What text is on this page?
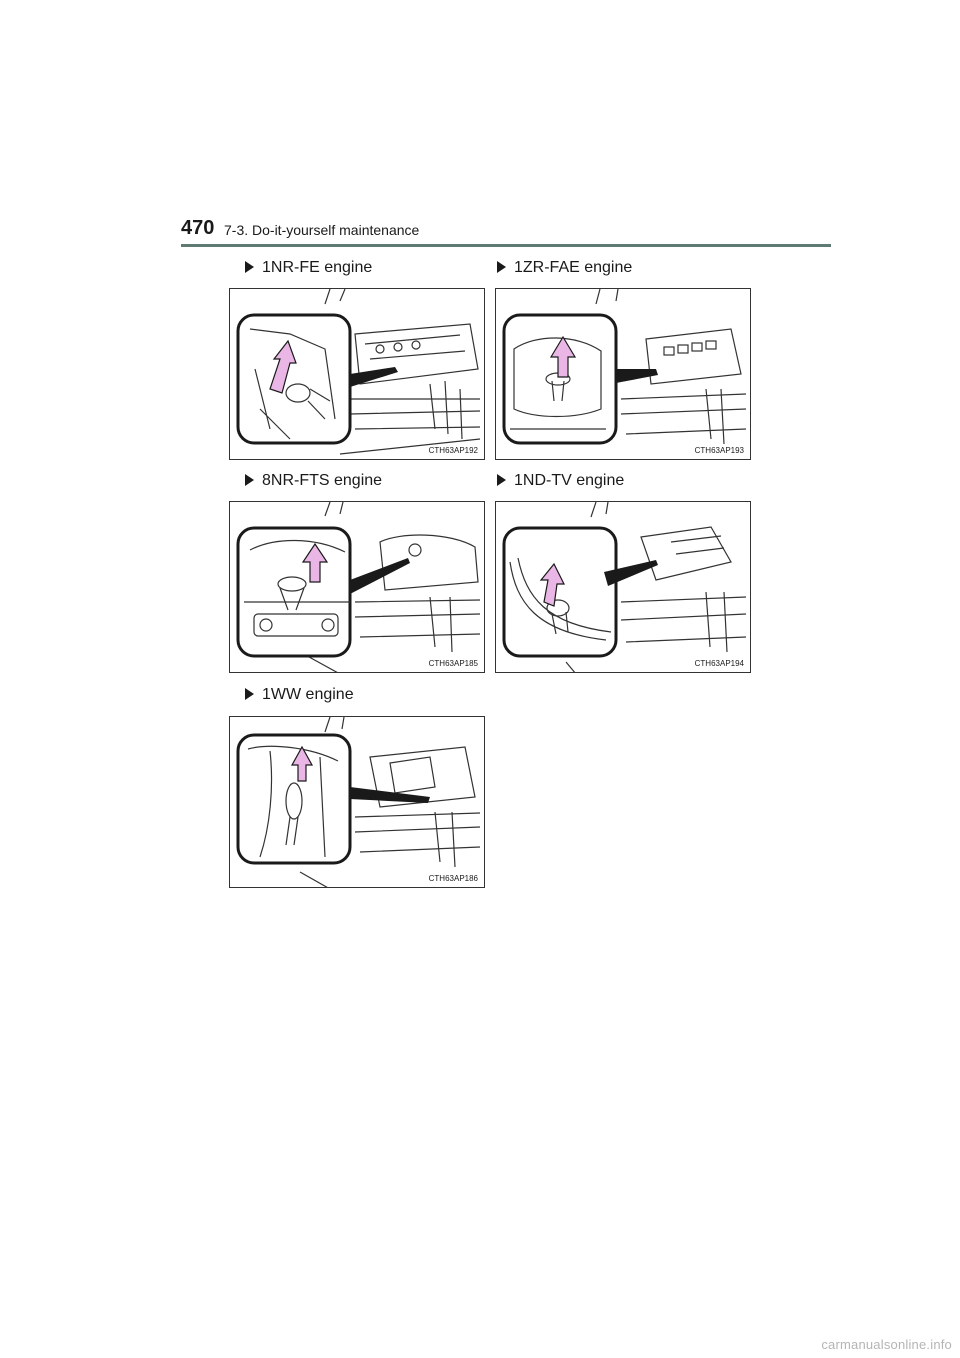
470 7-3. Do-it-yourself maintenance
1NR-FE engine
CTH63AP192
1ZR-FAE engine
CTH63AP193
8NR-FTS engine
CTH63AP185
1ND-TV engine
CTH63AP194
1WW engine
CTH63AP186
carmanualsonline.info
